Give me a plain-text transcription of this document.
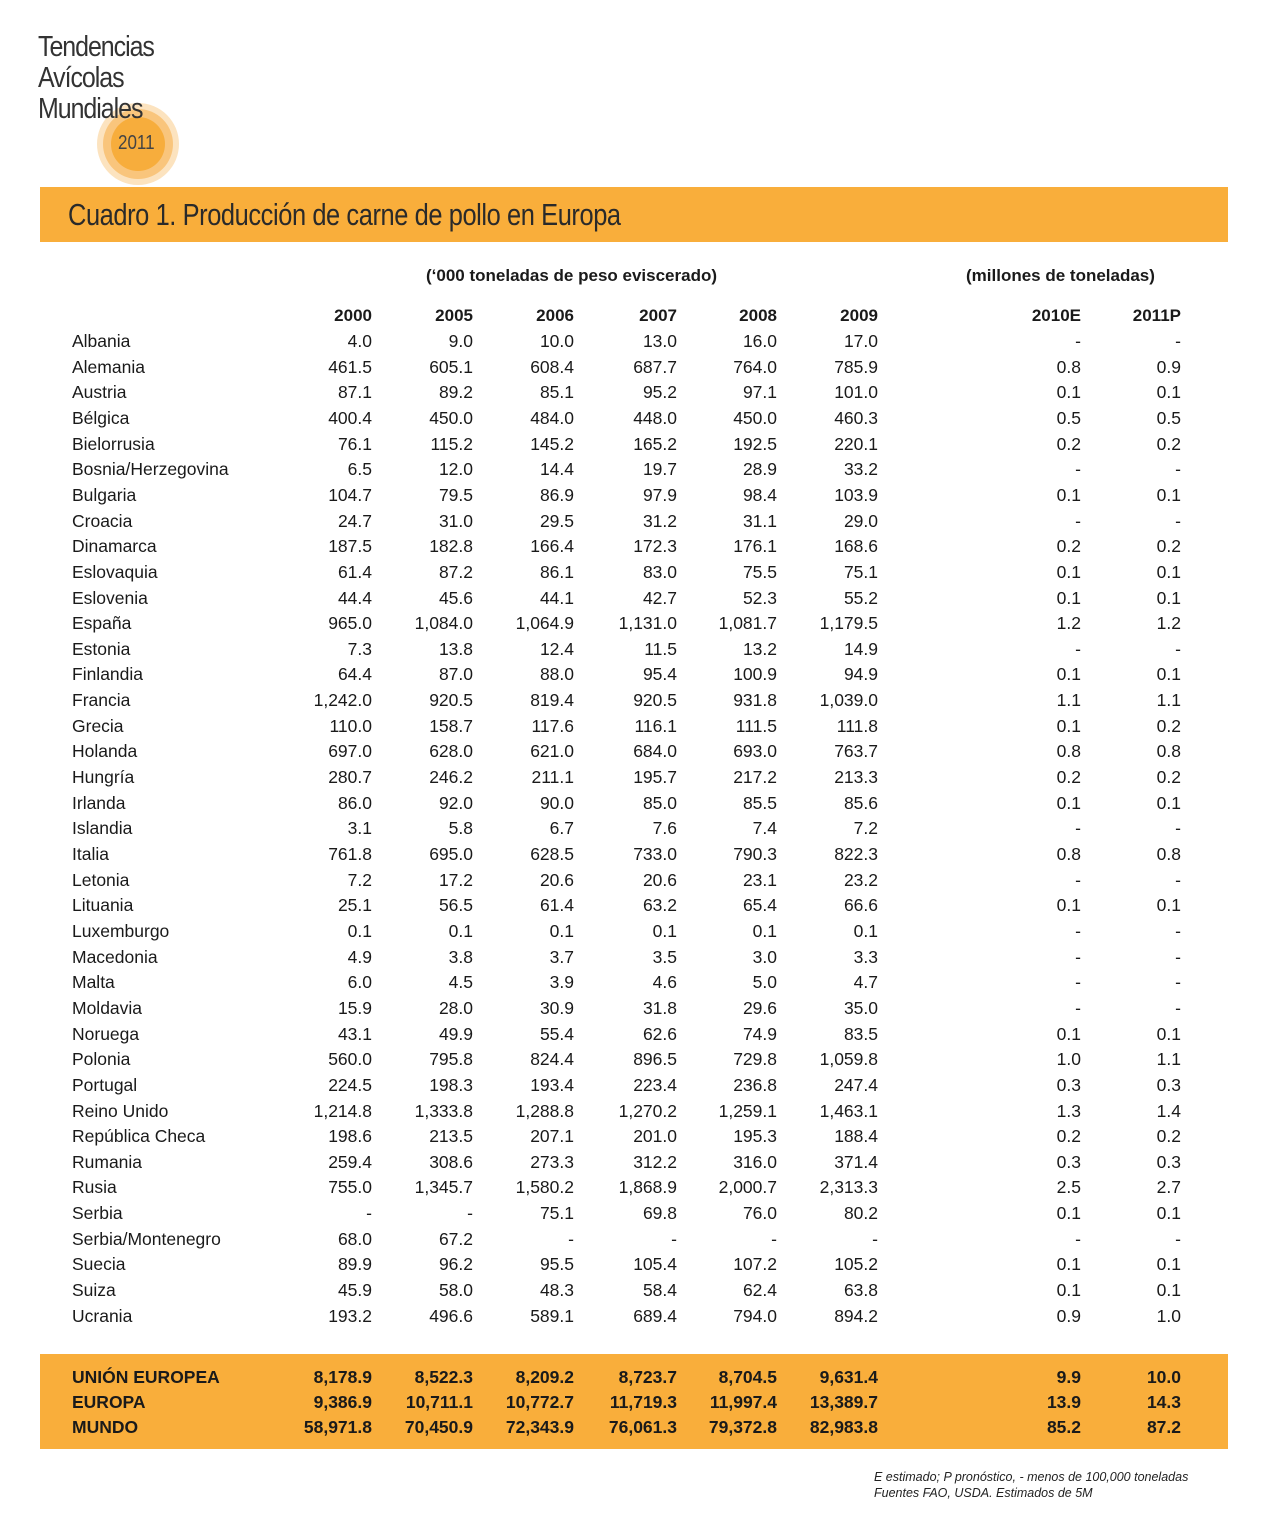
Tendencias
Avícolas
Mundiales
2011
Cuadro 1. Producción de carne de pollo en Europa
(‘000 toneladas de peso eviscerado)	(millones de toneladas)
2000	2005	2006	2007	2008	2009	2010E	2011P
Albania	4.0	9.0	10.0	13.0	16.0	17.0	-	-
Alemania	461.5	605.1	608.4	687.7	764.0	785.9	0.8	0.9
Austria	87.1	89.2	85.1	95.2	97.1	101.0	0.1	0.1
Bélgica	400.4	450.0	484.0	448.0	450.0	460.3	0.5	0.5
Bielorrusia	76.1	115.2	145.2	165.2	192.5	220.1	0.2	0.2
Bosnia/Herzegovina	6.5	12.0	14.4	19.7	28.9	33.2	-	-
Bulgaria	104.7	79.5	86.9	97.9	98.4	103.9	0.1	0.1
Croacia	24.7	31.0	29.5	31.2	31.1	29.0	-	-
Dinamarca	187.5	182.8	166.4	172.3	176.1	168.6	0.2	0.2
Eslovaquia	61.4	87.2	86.1	83.0	75.5	75.1	0.1	0.1
Eslovenia	44.4	45.6	44.1	42.7	52.3	55.2	0.1	0.1
España	965.0	1,084.0	1,064.9	1,131.0	1,081.7	1,179.5	1.2	1.2
Estonia	7.3	13.8	12.4	11.5	13.2	14.9	-	-
Finlandia	64.4	87.0	88.0	95.4	100.9	94.9	0.1	0.1
Francia	1,242.0	920.5	819.4	920.5	931.8	1,039.0	1.1	1.1
Grecia	110.0	158.7	117.6	116.1	111.5	111.8	0.1	0.2
Holanda	697.0	628.0	621.0	684.0	693.0	763.7	0.8	0.8
Hungría	280.7	246.2	211.1	195.7	217.2	213.3	0.2	0.2
Irlanda	86.0	92.0	90.0	85.0	85.5	85.6	0.1	0.1
Islandia	3.1	5.8	6.7	7.6	7.4	7.2	-	-
Italia	761.8	695.0	628.5	733.0	790.3	822.3	0.8	0.8
Letonia	7.2	17.2	20.6	20.6	23.1	23.2	-	-
Lituania	25.1	56.5	61.4	63.2	65.4	66.6	0.1	0.1
Luxemburgo	0.1	0.1	0.1	0.1	0.1	0.1	-	-
Macedonia	4.9	3.8	3.7	3.5	3.0	3.3	-	-
Malta	6.0	4.5	3.9	4.6	5.0	4.7	-	-
Moldavia	15.9	28.0	30.9	31.8	29.6	35.0	-	-
Noruega	43.1	49.9	55.4	62.6	74.9	83.5	0.1	0.1
Polonia	560.0	795.8	824.4	896.5	729.8	1,059.8	1.0	1.1
Portugal	224.5	198.3	193.4	223.4	236.8	247.4	0.3	0.3
Reino Unido	1,214.8	1,333.8	1,288.8	1,270.2	1,259.1	1,463.1	1.3	1.4
República Checa	198.6	213.5	207.1	201.0	195.3	188.4	0.2	0.2
Rumania	259.4	308.6	273.3	312.2	316.0	371.4	0.3	0.3
Rusia	755.0	1,345.7	1,580.2	1,868.9	2,000.7	2,313.3	2.5	2.7
Serbia	-	-	75.1	69.8	76.0	80.2	0.1	0.1
Serbia/Montenegro	68.0	67.2	-	-	-	-	-	-
Suecia	89.9	96.2	95.5	105.4	107.2	105.2	0.1	0.1
Suiza	45.9	58.0	48.3	58.4	62.4	63.8	0.1	0.1
Ucrania	193.2	496.6	589.1	689.4	794.0	894.2	0.9	1.0
UNIÓN EUROPEA	8,178.9	8,522.3	8,209.2	8,723.7	8,704.5	9,631.4	9.9	10.0
EUROPA	9,386.9	10,711.1	10,772.7	11,719.3	11,997.4	13,389.7	13.9	14.3
MUNDO	58,971.8	70,450.9	72,343.9	76,061.3	79,372.8	82,983.8	85.2	87.2
E estimado; P pronóstico, - menos de 100,000 toneladas
Fuentes FAO, USDA. Estimados de 5M
